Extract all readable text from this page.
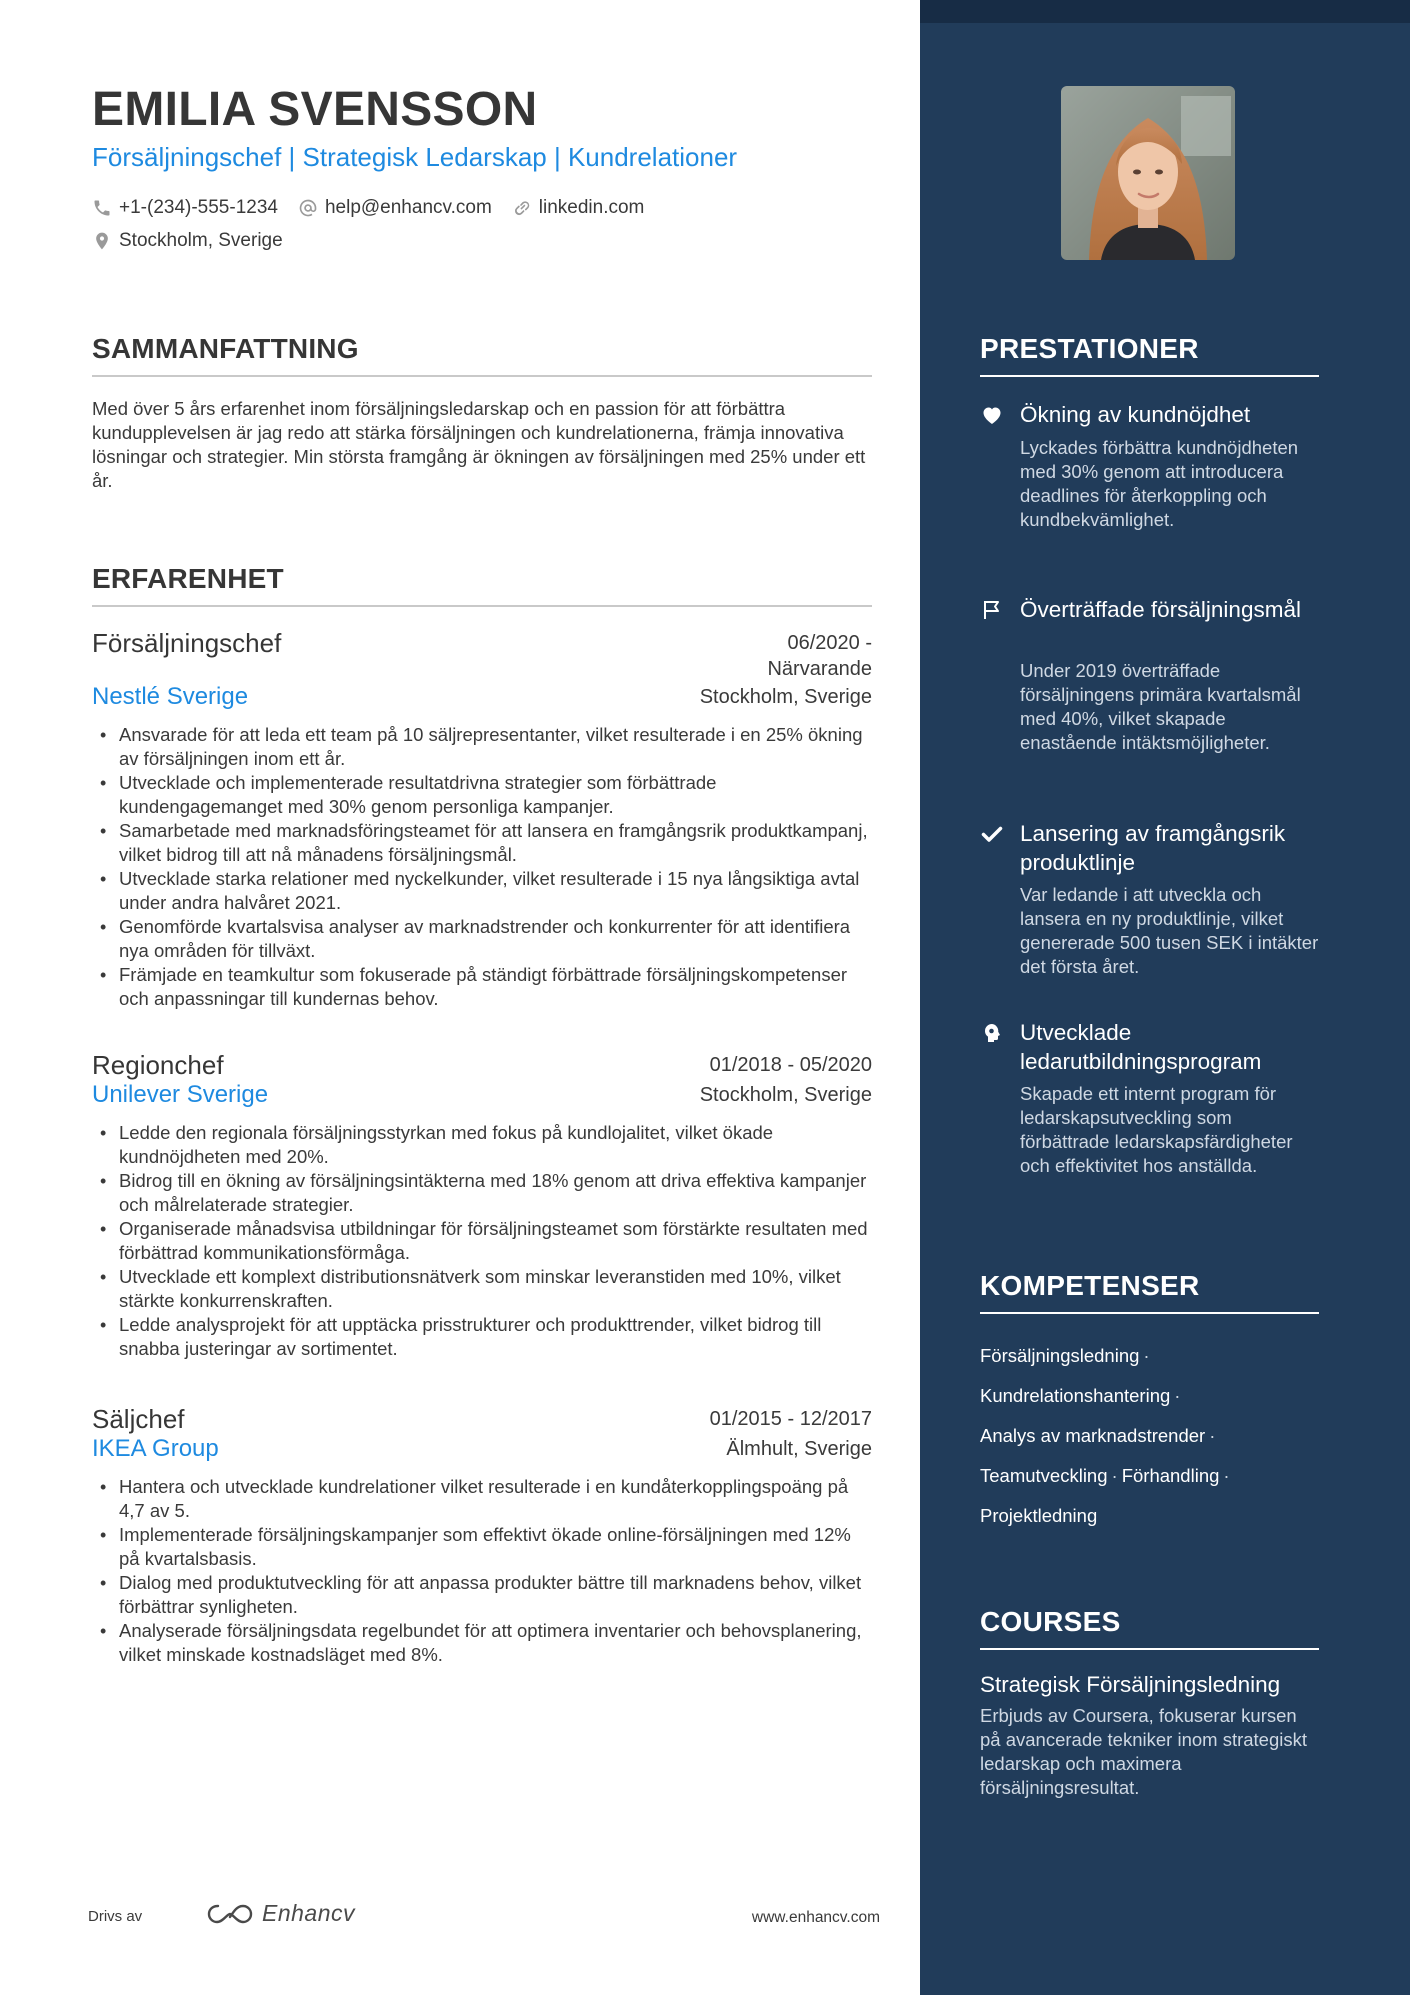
EMILIA SVENSSON
Försäljningschef | Strategisk Ledarskap | Kundrelationer
+1-(234)-555-1234 help@enhancv.com linkedin.com
Stockholm, Sverige
SAMMANFATTNING

Med över 5 års erfarenhet inom försäljningsledarskap och en passion för att förbättra kundupplevelsen är jag redo att stärka försäljningen och kundrelationerna, främja innovativa lösningar och strategier. Min största framgång är ökningen av försäljningen med 25% under ett år.

ERFARENHET
Försäljningschef	06/2020 -
Närvarande
Nestlé Sverige	Stockholm, Sverige
• Ansvarade för att leda ett team på 10 säljrepresentanter, vilket resulterade i en 25% ökning av försäljningen inom ett år.
• Utvecklade och implementerade resultatdrivna strategier som förbättrade kundengagemanget med 30% genom personliga kampanjer.
• Samarbetade med marknadsföringsteamet för att lansera en framgångsrik produktkampanj, vilket bidrog till att nå månadens försäljningsmål.
• Utvecklade starka relationer med nyckelkunder, vilket resulterade i 15 nya långsiktiga avtal under andra halvåret 2021.
• Genomförde kvartalsvisa analyser av marknadstrender och konkurrenter för att identifiera nya områden för tillväxt.
• Främjade en teamkultur som fokuserade på ständigt förbättrade försäljningskompetenser och anpassningar till kundernas behov.
Regionchef	01/2018 - 05/2020
Unilever Sverige	Stockholm, Sverige
• Ledde den regionala försäljningsstyrkan med fokus på kundlojalitet, vilket ökade kundnöjdheten med 20%.
• Bidrog till en ökning av försäljningsintäkterna med 18% genom att driva effektiva kampanjer och målrelaterade strategier.
• Organiserade månadsvisa utbildningar för försäljningsteamet som förstärkte resultaten med förbättrad kommunikationsförmåga.
• Utvecklade ett komplext distributionsnätverk som minskar leveranstiden med 10%, vilket stärkte konkurrenskraften.
• Ledde analysprojekt för att upptäcka prisstrukturer och produkttrender, vilket bidrog till snabba justeringar av sortimentet.
Säljchef	01/2015 - 12/2017
IKEA Group	Älmhult, Sverige
• Hantera och utvecklade kundrelationer vilket resulterade i en kundåterkopplingspoäng på 4,7 av 5.
• Implementerade försäljningskampanjer som effektivt ökade online-försäljningen med 12% på kvartalsbasis.
• Dialog med produktutveckling för att anpassa produkter bättre till marknadens behov, vilket förbättrar synligheten.
• Analyserade försäljningsdata regelbundet för att optimera inventarier och behovsplanering, vilket minskade kostnadsläget med 8%.
Drivs av	Enhancv	www.enhancv.com
PRESTATIONER
Ökning av kundnöjdhet
Lyckades förbättra kundnöjdheten med 30% genom att introducera deadlines för återkoppling och kundbekvämlighet.
Överträffade försäljningsmål
Under 2019 överträffade försäljningens primära kvartalsmål med 40%, vilket skapade enastående intäktsmöjligheter.
Lansering av framgångsrik produktlinje
Var ledande i att utveckla och lansera en ny produktlinje, vilket genererade 500 tusen SEK i intäkter det första året.
Utvecklade ledarutbildningsprogram
Skapade ett internt program för ledarskapsutveckling som förbättrade ledarskapsfärdigheter och effektivitet hos anställda.
KOMPETENSER
Försäljningsledning ·
Kundrelationshantering ·
Analys av marknadstrender ·
Teamutveckling · Förhandling ·
Projektledning
COURSES
Strategisk Försäljningsledning
Erbjuds av Coursera, fokuserar kursen på avancerade tekniker inom strategiskt ledarskap och maximera försäljningsresultat.
